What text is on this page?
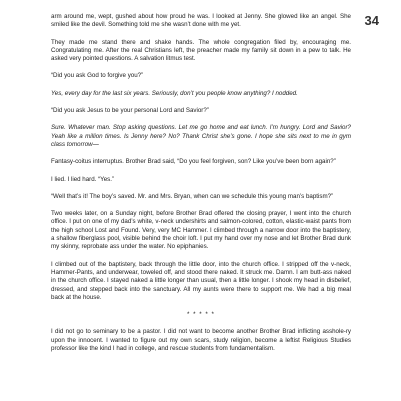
34

arm around me, wept, gushed about how proud he was. I looked at Jenny. She glowed like an angel. She smiled like the devil. Something told me she wasn’t done with me yet.

They made me stand there and shake hands. The whole congregation filed by, encouraging me. Congratulating me. After the real Christians left, the preacher made my family sit down in a pew to talk. He asked very pointed questions. A salvation litmus test.

“Did you ask God to forgive you?”

Yes, every day for the last six years. Seriously, don’t you people know anything? I nodded.

“Did you ask Jesus to be your personal Lord and Savior?”

Sure. Whatever man. Stop asking questions. Let me go home and eat lunch. I’m hungry. Lord and Savior? Yeah like a million times. Is Jenny here? No? Thank Christ she’s gone. I hope she sits next to me in gym class tomorrow—

Fantasy-coitus interruptus. Brother Brad said, “Do you feel forgiven, son? Like you’ve been born again?”

I lied. I lied hard. “Yes.”

“Well that’s it! The boy’s saved. Mr. and Mrs. Bryan, when can we schedule this young man’s baptism?”

Two weeks later, on a Sunday night, before Brother Brad offered the closing prayer, I went into the church office. I put on one of my dad’s white, v-neck undershirts and salmon-colored, cotton, elastic-waist pants from the high school Lost and Found. Very, very MC Hammer. I climbed through a narrow door into the baptistery, a shallow fiberglass pool, visible behind the choir loft. I put my hand over my nose and let Brother Brad dunk my skinny, reprobate ass under the water. No epiphanies.

I climbed out of the baptistery, back through the little door, into the church office. I stripped off the v-neck, Hammer-Pants, and underwear, toweled off, and stood there naked. It struck me. Damn. I am butt-ass naked in the church office. I stayed naked a little longer than usual, then a little longer. I shook my head in disbelief, dressed, and stepped back into the sanctuary. All my aunts were there to support me. We had a big meal back at the house.

* * * * *

I did not go to seminary to be a pastor. I did not want to become another Brother Brad inflicting asshole-ry upon the innocent. I wanted to figure out my own scars, study religion, become a leftist Religious Studies professor like the kind I had in college, and rescue students from fundamentalism.
